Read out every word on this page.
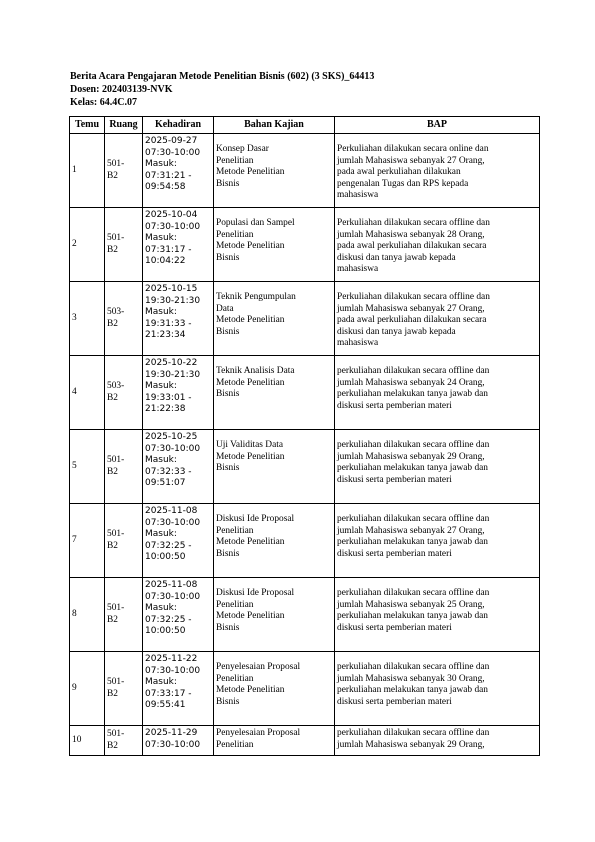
Berita Acara Pengajaran Metode Penelitian Bisnis (602) (3 SKS)_64413
Dosen: 202403139-NVK
Kelas: 64.4C.07
Temu	Ruang	Kehadiran	Bahan Kajian	BAP
1	501-
B2	2025-09-27
07:30-10:00
Masuk:
07:31:21 -
09:54:58	Konsep Dasar
Penelitian
Metode Penelitian
Bisnis	Perkuliahan dilakukan secara online dan
jumlah Mahasiswa sebanyak 27 Orang,
pada awal perkuliahan dilakukan
pengenalan Tugas dan RPS kepada
mahasiswa
2	501-
B2	2025-10-04
07:30-10:00
Masuk:
07:31:17 -
10:04:22	Populasi dan Sampel
Penelitian
Metode Penelitian
Bisnis	Perkuliahan dilakukan secara offline dan
jumlah Mahasiswa sebanyak 28 Orang,
pada awal perkuliahan dilakukan secara
diskusi dan tanya jawab kepada
mahasiswa
3	503-
B2	2025-10-15
19:30-21:30
Masuk:
19:31:33 -
21:23:34	Teknik Pengumpulan
Data
Metode Penelitian
Bisnis	Perkuliahan dilakukan secara offline dan
jumlah Mahasiswa sebanyak 27 Orang,
pada awal perkuliahan dilakukan secara
diskusi dan tanya jawab kepada
mahasiswa
4	503-
B2	2025-10-22
19:30-21:30
Masuk:
19:33:01 -
21:22:38	Teknik Analisis Data
Metode Penelitian
Bisnis	perkuliahan dilakukan secara offline dan
jumlah Mahasiswa sebanyak 24 Orang,
perkuliahan melakukan tanya jawab dan
diskusi serta pemberian materi
5	501-
B2	2025-10-25
07:30-10:00
Masuk:
07:32:33 -
09:51:07	Uji Validitas Data
Metode Penelitian
Bisnis	perkuliahan dilakukan secara offline dan
jumlah Mahasiswa sebanyak 29 Orang,
perkuliahan melakukan tanya jawab dan
diskusi serta pemberian materi
7	501-
B2	2025-11-08
07:30-10:00
Masuk:
07:32:25 -
10:00:50	Diskusi Ide Proposal
Penelitian
Metode Penelitian
Bisnis	perkuliahan dilakukan secara offline dan
jumlah Mahasiswa sebanyak 27 Orang,
perkuliahan melakukan tanya jawab dan
diskusi serta pemberian materi
8	501-
B2	2025-11-08
07:30-10:00
Masuk:
07:32:25 -
10:00:50	Diskusi Ide Proposal
Penelitian
Metode Penelitian
Bisnis	perkuliahan dilakukan secara offline dan
jumlah Mahasiswa sebanyak 25 Orang,
perkuliahan melakukan tanya jawab dan
diskusi serta pemberian materi
9	501-
B2	2025-11-22
07:30-10:00
Masuk:
07:33:17 -
09:55:41	Penyelesaian Proposal
Penelitian
Metode Penelitian
Bisnis	perkuliahan dilakukan secara offline dan
jumlah Mahasiswa sebanyak 30 Orang,
perkuliahan melakukan tanya jawab dan
diskusi serta pemberian materi
10	501-
B2	2025-11-29
07:30-10:00	Penyelesaian Proposal
Penelitian	perkuliahan dilakukan secara offline dan
jumlah Mahasiswa sebanyak 29 Orang,
